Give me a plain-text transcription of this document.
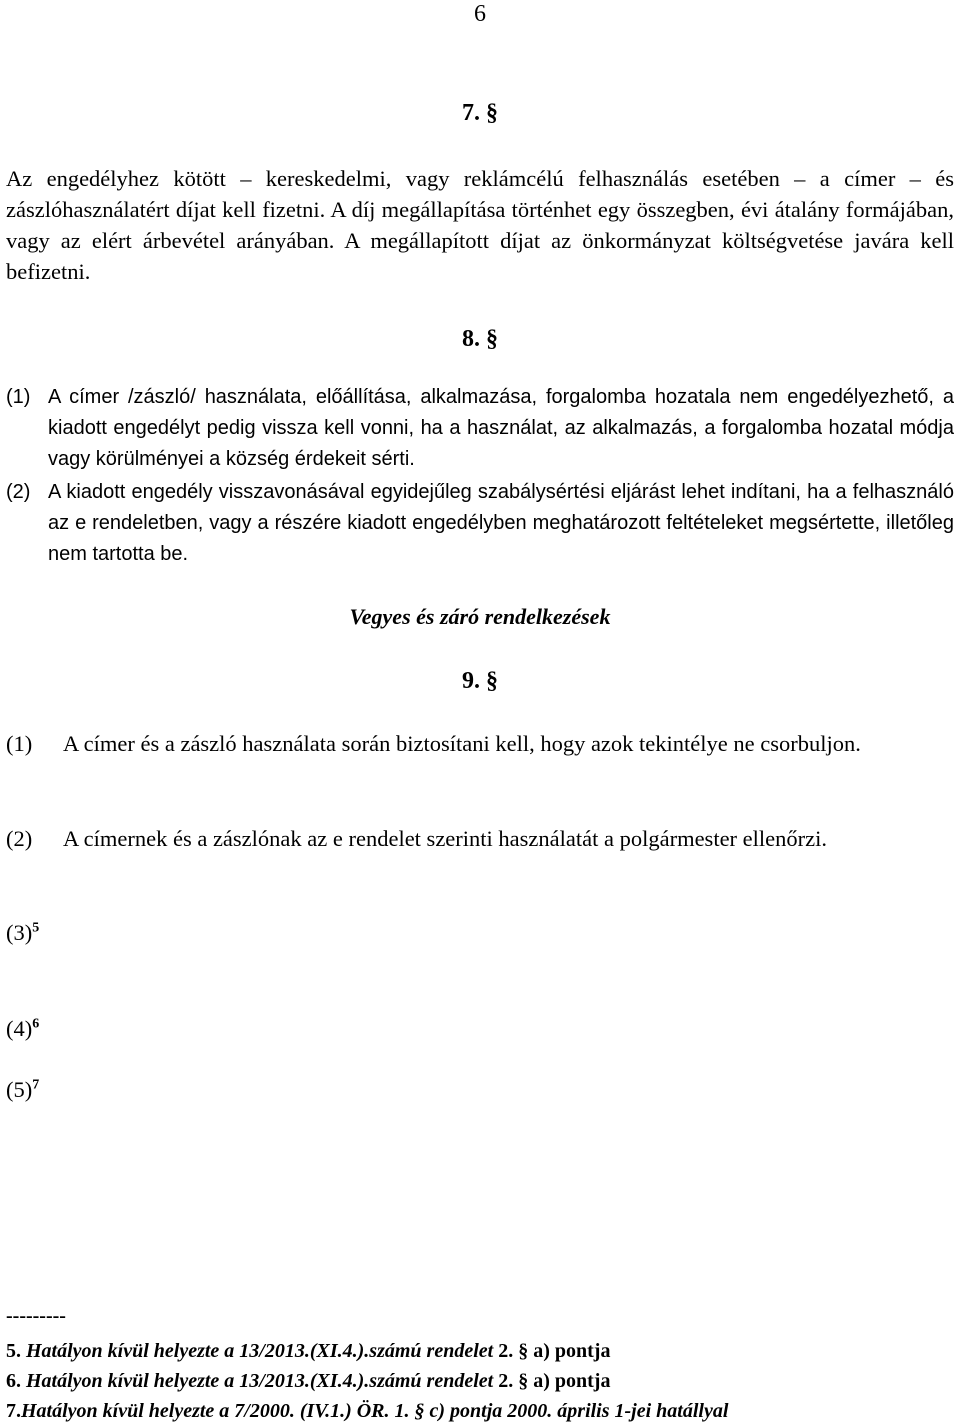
6
7. §
Az engedélyhez kötött – kereskedelmi, vagy reklámcélú felhasználás esetében – a címer – és zászlóhasználatért díjat kell fizetni. A díj megállapítása történhet egy összegben, évi átalány formájában, vagy az elért árbevétel arányában. A megállapított díjat az önkormányzat költségvetése javára kell befizetni.
8. §
(1) A címer /zászló/ használata, előállítása, alkalmazása, forgalomba hozatala nem engedélyezhető, a kiadott engedélyt pedig vissza kell vonni, ha a használat, az alkalmazás, a forgalomba hozatal módja vagy körülményei a község érdekeit sérti.
(2) A kiadott engedély visszavonásával egyidejűleg szabálysértési eljárást lehet indítani, ha a felhasználó az e rendeletben, vagy a részére kiadott engedélyben meghatározott feltételeket megsértette, illetőleg nem tartotta be.
Vegyes és záró rendelkezések
9. §
(1)	A címer és a zászló használata során biztosítani kell, hogy azok tekintélye ne csorbuljon.
(2)	A címernek és a zászlónak az e rendelet szerinti használatát a polgármester ellenőrzi.
$(3)^5$
$(4)^6$
$(5)^7$
---------
5. Hatályon kívül helyezte a 13/2013.(XI.4.).számú rendelet 2. § a) pontja
6. Hatályon kívül helyezte a 13/2013.(XI.4.).számú rendelet 2. § a) pontja
7.Hatályon kívül helyezte a 7/2000. (IV.1.) ÖR. 1. § c) pontja 2000. április 1-jei hatállyal
